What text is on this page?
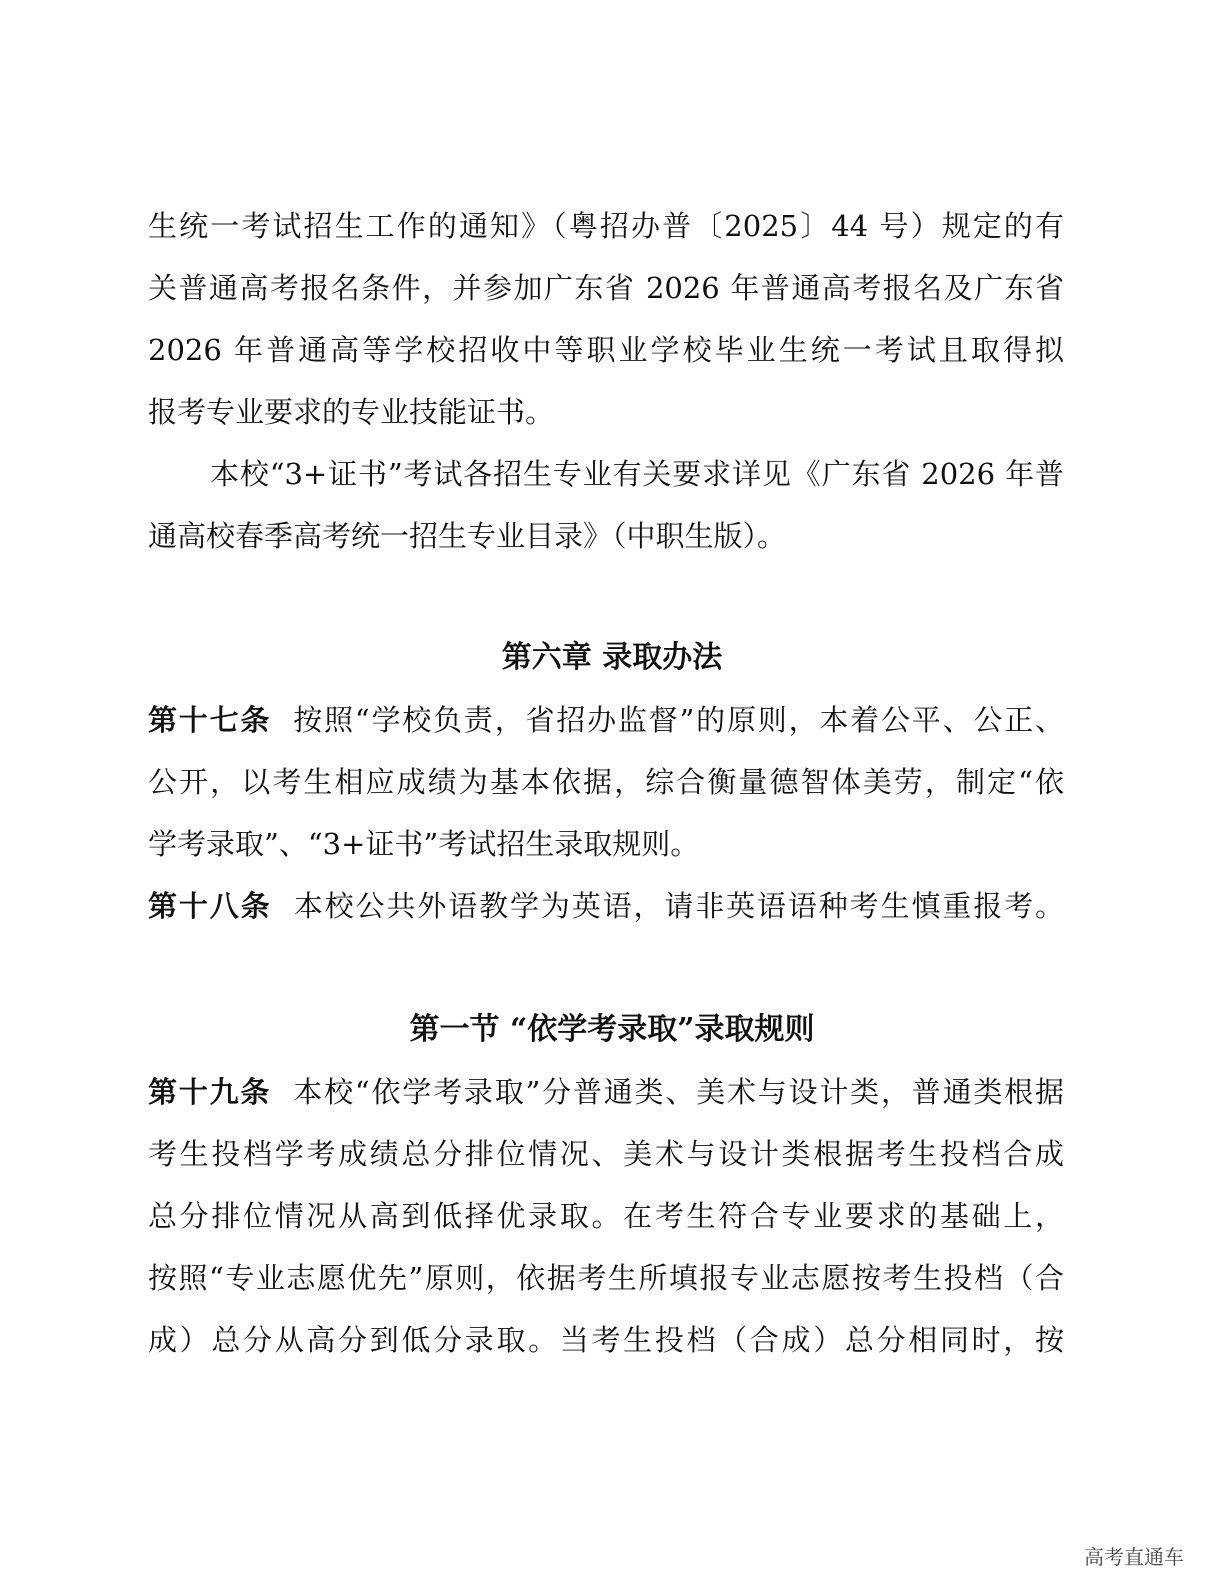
生统一考试招生工作的通知》（粤招办普〔2025〕44 号）规定的有
关普通高考报名条件，并参加广东省 2026 年普通高考报名及广东省
2026 年普通高等学校招收中等职业学校毕业生统一考试且取得拟
报考专业要求的专业技能证书。
本校“3+证书”考试各招生专业有关要求详见《广东省 2026 年普
通高校春季高考统一招生专业目录》（中职生版）。
第六章 录取办法
第十七条 按照“学校负责，省招办监督”的原则，本着公平、公正、
公开，以考生相应成绩为基本依据，综合衡量德智体美劳，制定“依
学考录取”、“3+证书”考试招生录取规则。
第十八条 本校公共外语教学为英语，请非英语语种考生慎重报考。
第一节 “依学考录取”录取规则
第十九条 本校“依学考录取”分普通类、美术与设计类，普通类根据
考生投档学考成绩总分排位情况、美术与设计类根据考生投档合成
总分排位情况从高到低择优录取。在考生符合专业要求的基础上，
按照“专业志愿优先”原则，依据考生所填报专业志愿按考生投档（合
成）总分从高分到低分录取。当考生投档（合成）总分相同时，按
高考直通车
